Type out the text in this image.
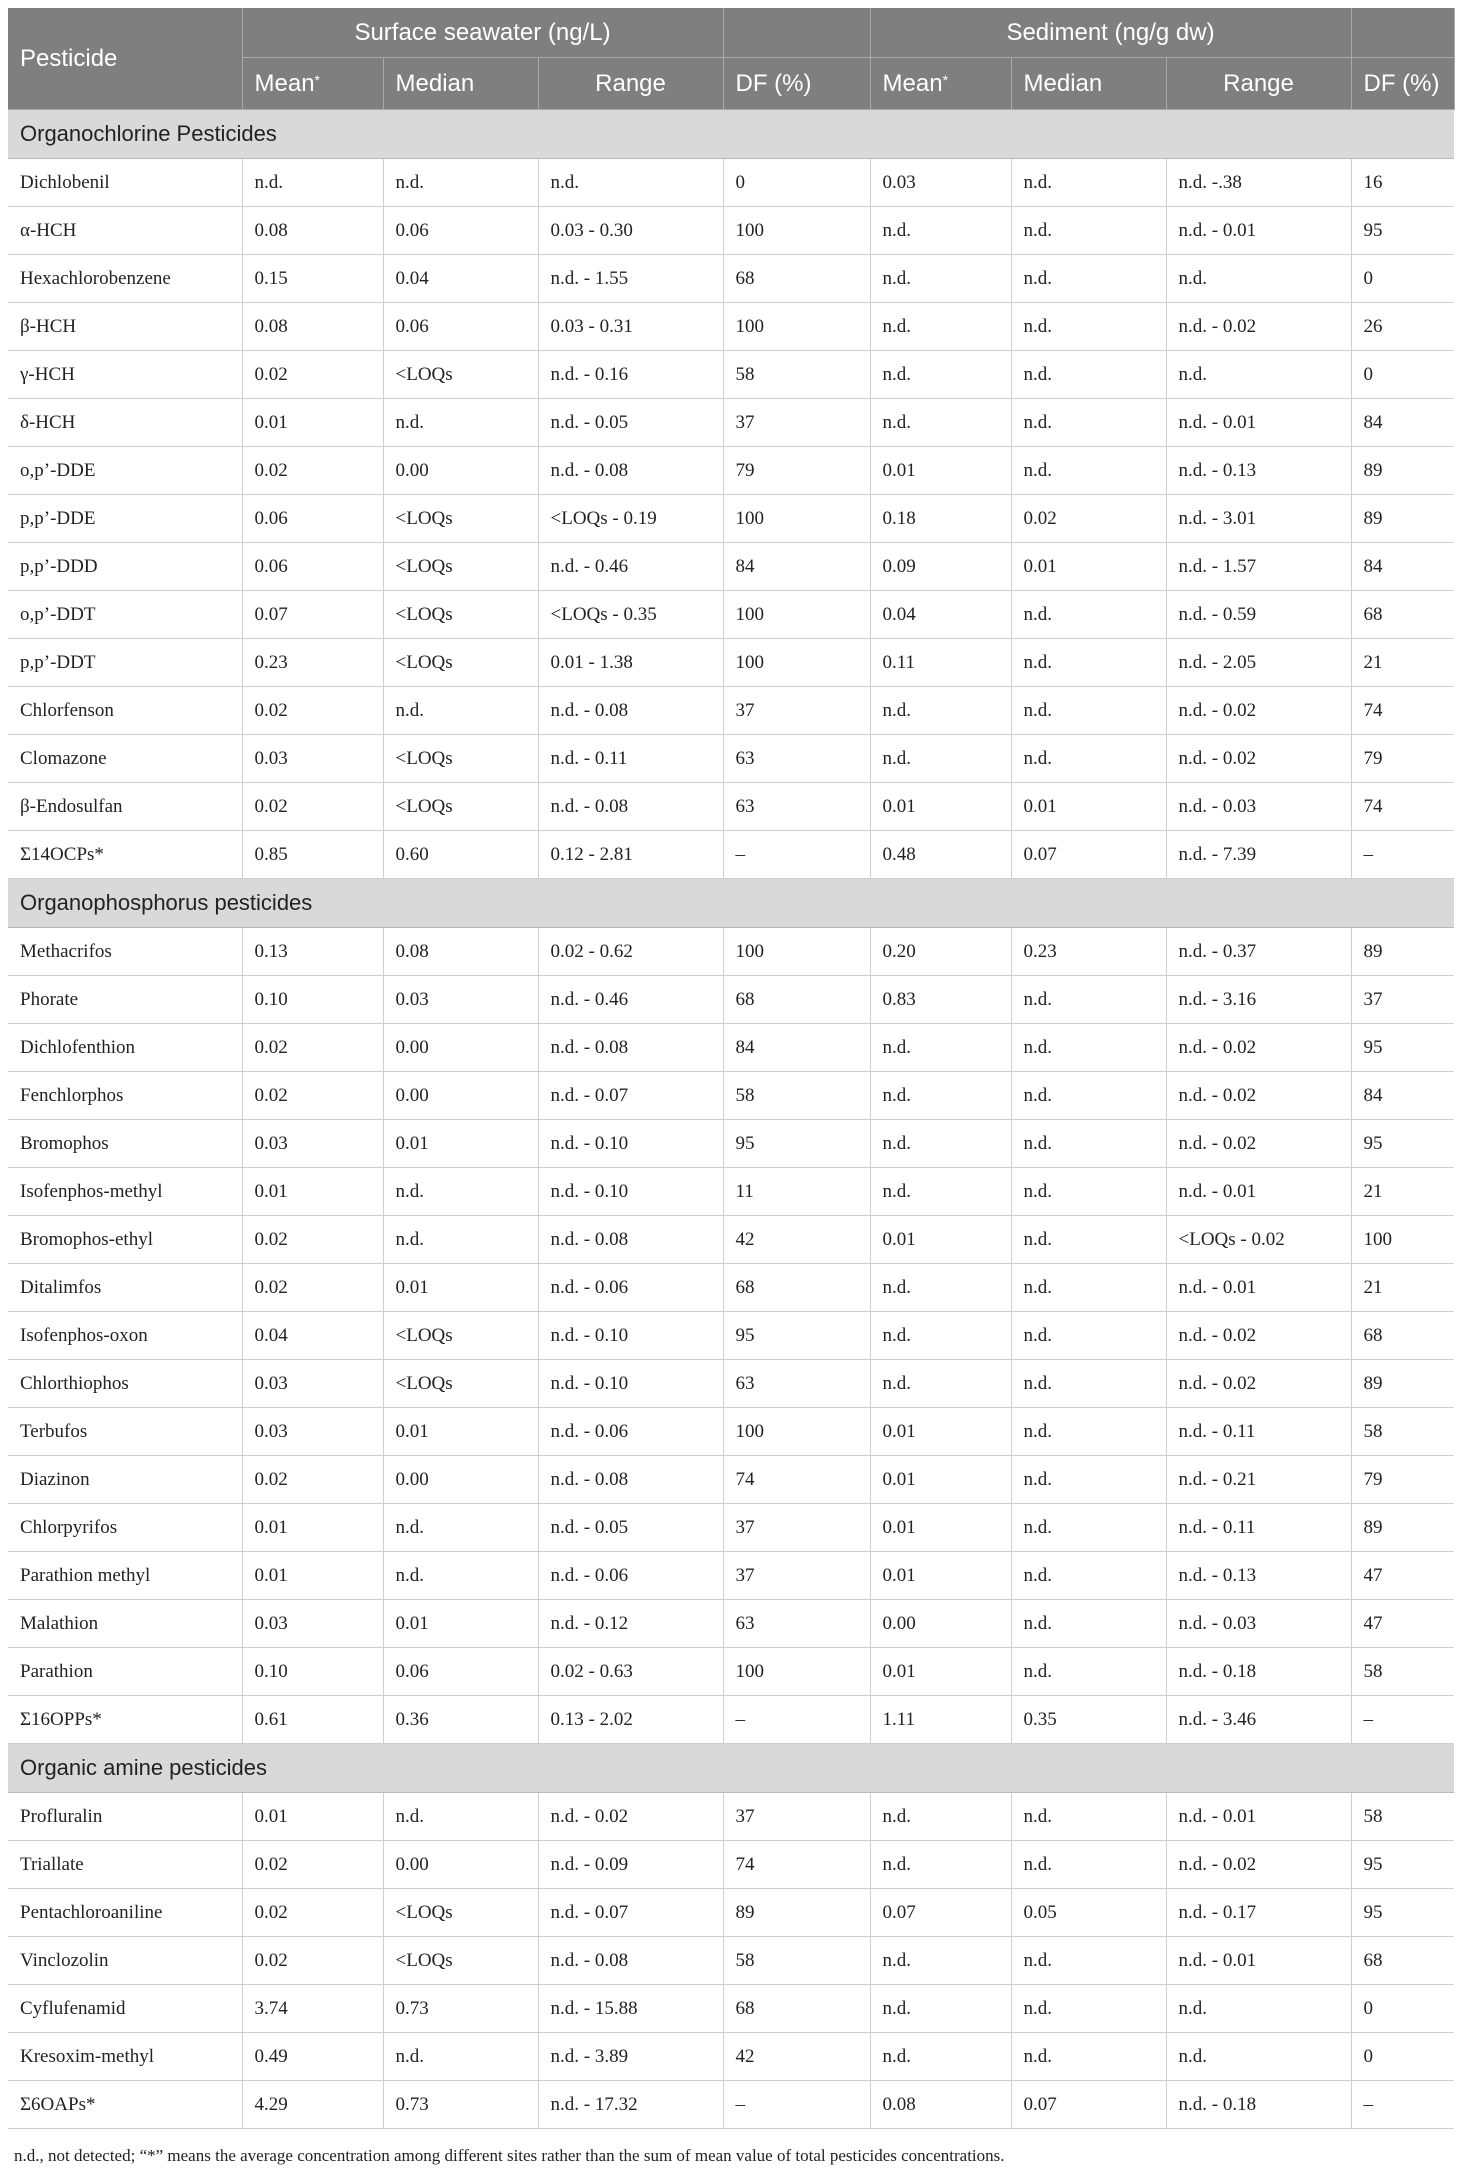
Pesticide	Surface seawater (ng/L)				Sediment (ng/g dw)			
	Mean*	Median	Range	DF (%)	Mean*	Median	Range	DF (%)
Organochlorine Pesticides								
Dichlobenil	n.d.	n.d.	n.d.	0	0.03	n.d.	n.d. -.38	16
α-HCH	0.08	0.06	0.03 - 0.30	100	n.d.	n.d.	n.d. - 0.01	95
Hexachlorobenzene	0.15	0.04	n.d. - 1.55	68	n.d.	n.d.	n.d.	0
β-HCH	0.08	0.06	0.03 - 0.31	100	n.d.	n.d.	n.d. - 0.02	26
γ-HCH	0.02	<LOQs	n.d. - 0.16	58	n.d.	n.d.	n.d.	0
δ-HCH	0.01	n.d.	n.d. - 0.05	37	n.d.	n.d.	n.d. - 0.01	84
o,p’-DDE	0.02	0.00	n.d. - 0.08	79	0.01	n.d.	n.d. - 0.13	89
p,p’-DDE	0.06	<LOQs	<LOQs - 0.19	100	0.18	0.02	n.d. - 3.01	89
p,p’-DDD	0.06	<LOQs	n.d. - 0.46	84	0.09	0.01	n.d. - 1.57	84
o,p’-DDT	0.07	<LOQs	<LOQs - 0.35	100	0.04	n.d.	n.d. - 0.59	68
p,p’-DDT	0.23	<LOQs	0.01 - 1.38	100	0.11	n.d.	n.d. - 2.05	21
Chlorfenson	0.02	n.d.	n.d. - 0.08	37	n.d.	n.d.	n.d. - 0.02	74
Clomazone	0.03	<LOQs	n.d. - 0.11	63	n.d.	n.d.	n.d. - 0.02	79
β-Endosulfan	0.02	<LOQs	n.d. - 0.08	63	0.01	0.01	n.d. - 0.03	74
Σ14OCPs*	0.85	0.60	0.12 - 2.81	–	0.48	0.07	n.d. - 7.39	–
Organophosphorus pesticides								
Methacrifos	0.13	0.08	0.02 - 0.62	100	0.20	0.23	n.d. - 0.37	89
Phorate	0.10	0.03	n.d. - 0.46	68	0.83	n.d.	n.d. - 3.16	37
Dichlofenthion	0.02	0.00	n.d. - 0.08	84	n.d.	n.d.	n.d. - 0.02	95
Fenchlorphos	0.02	0.00	n.d. - 0.07	58	n.d.	n.d.	n.d. - 0.02	84
Bromophos	0.03	0.01	n.d. - 0.10	95	n.d.	n.d.	n.d. - 0.02	95
Isofenphos-methyl	0.01	n.d.	n.d. - 0.10	11	n.d.	n.d.	n.d. - 0.01	21
Bromophos-ethyl	0.02	n.d.	n.d. - 0.08	42	0.01	n.d.	<LOQs - 0.02	100
Ditalimfos	0.02	0.01	n.d. - 0.06	68	n.d.	n.d.	n.d. - 0.01	21
Isofenphos-oxon	0.04	<LOQs	n.d. - 0.10	95	n.d.	n.d.	n.d. - 0.02	68
Chlorthiophos	0.03	<LOQs	n.d. - 0.10	63	n.d.	n.d.	n.d. - 0.02	89
Terbufos	0.03	0.01	n.d. - 0.06	100	0.01	n.d.	n.d. - 0.11	58
Diazinon	0.02	0.00	n.d. - 0.08	74	0.01	n.d.	n.d. - 0.21	79
Chlorpyrifos	0.01	n.d.	n.d. - 0.05	37	0.01	n.d.	n.d. - 0.11	89
Parathion methyl	0.01	n.d.	n.d. - 0.06	37	0.01	n.d.	n.d. - 0.13	47
Malathion	0.03	0.01	n.d. - 0.12	63	0.00	n.d.	n.d. - 0.03	47
Parathion	0.10	0.06	0.02 - 0.63	100	0.01	n.d.	n.d. - 0.18	58
Σ16OPPs*	0.61	0.36	0.13 - 2.02	–	1.11	0.35	n.d. - 3.46	–
Organic amine pesticides								
Profluralin	0.01	n.d.	n.d. - 0.02	37	n.d.	n.d.	n.d. - 0.01	58
Triallate	0.02	0.00	n.d. - 0.09	74	n.d.	n.d.	n.d. - 0.02	95
Pentachloroaniline	0.02	<LOQs	n.d. - 0.07	89	0.07	0.05	n.d. - 0.17	95
Vinclozolin	0.02	<LOQs	n.d. - 0.08	58	n.d.	n.d.	n.d. - 0.01	68
Cyflufenamid	3.74	0.73	n.d. - 15.88	68	n.d.	n.d.	n.d.	0
Kresoxim-methyl	0.49	n.d.	n.d. - 3.89	42	n.d.	n.d.	n.d.	0
Σ6OAPs*	4.29	0.73	n.d. - 17.32	–	0.08	0.07	n.d. - 0.18	–
n.d., not detected; “*” means the average concentration among different sites rather than the sum of mean value of total pesticides concentrations.
